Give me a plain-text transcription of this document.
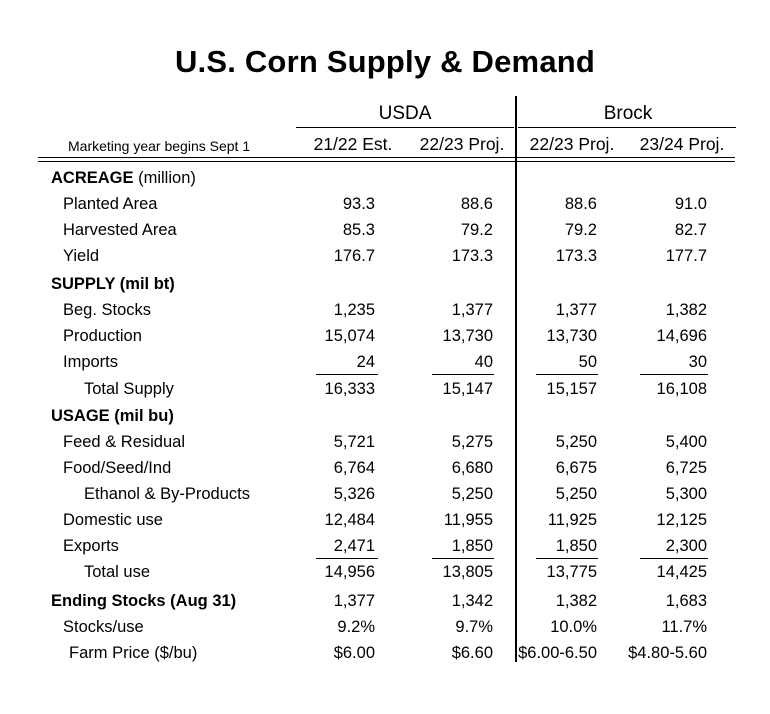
U.S. Corn Supply & Demand
USDA	Brock
Marketing year begins Sept 1	21/22 Est.	22/23 Proj.	22/23 Proj.	23/24 Proj.
ACREAGE (million)
Planted Area	93.3	88.6	88.6	91.0
Harvested Area	85.3	79.2	79.2	82.7
Yield	176.7	173.3	173.3	177.7
SUPPLY (mil bt)
Beg. Stocks	1,235	1,377	1,377	1,382
Production	15,074	13,730	13,730	14,696
Imports	24	40	50	30
Total Supply	16,333	15,147	15,157	16,108
USAGE (mil bu)
Feed & Residual	5,721	5,275	5,250	5,400
Food/Seed/Ind	6,764	6,680	6,675	6,725
Ethanol & By-Products	5,326	5,250	5,250	5,300
Domestic use	12,484	11,955	11,925	12,125
Exports	2,471	1,850	1,850	2,300
Total use	14,956	13,805	13,775	14,425
Ending Stocks (Aug 31)	1,377	1,342	1,382	1,683
Stocks/use	9.2%	9.7%	10.0%	11.7%
Farm Price ($/bu)	$6.00	$6.60	$6.00-6.50	$4.80-5.60
